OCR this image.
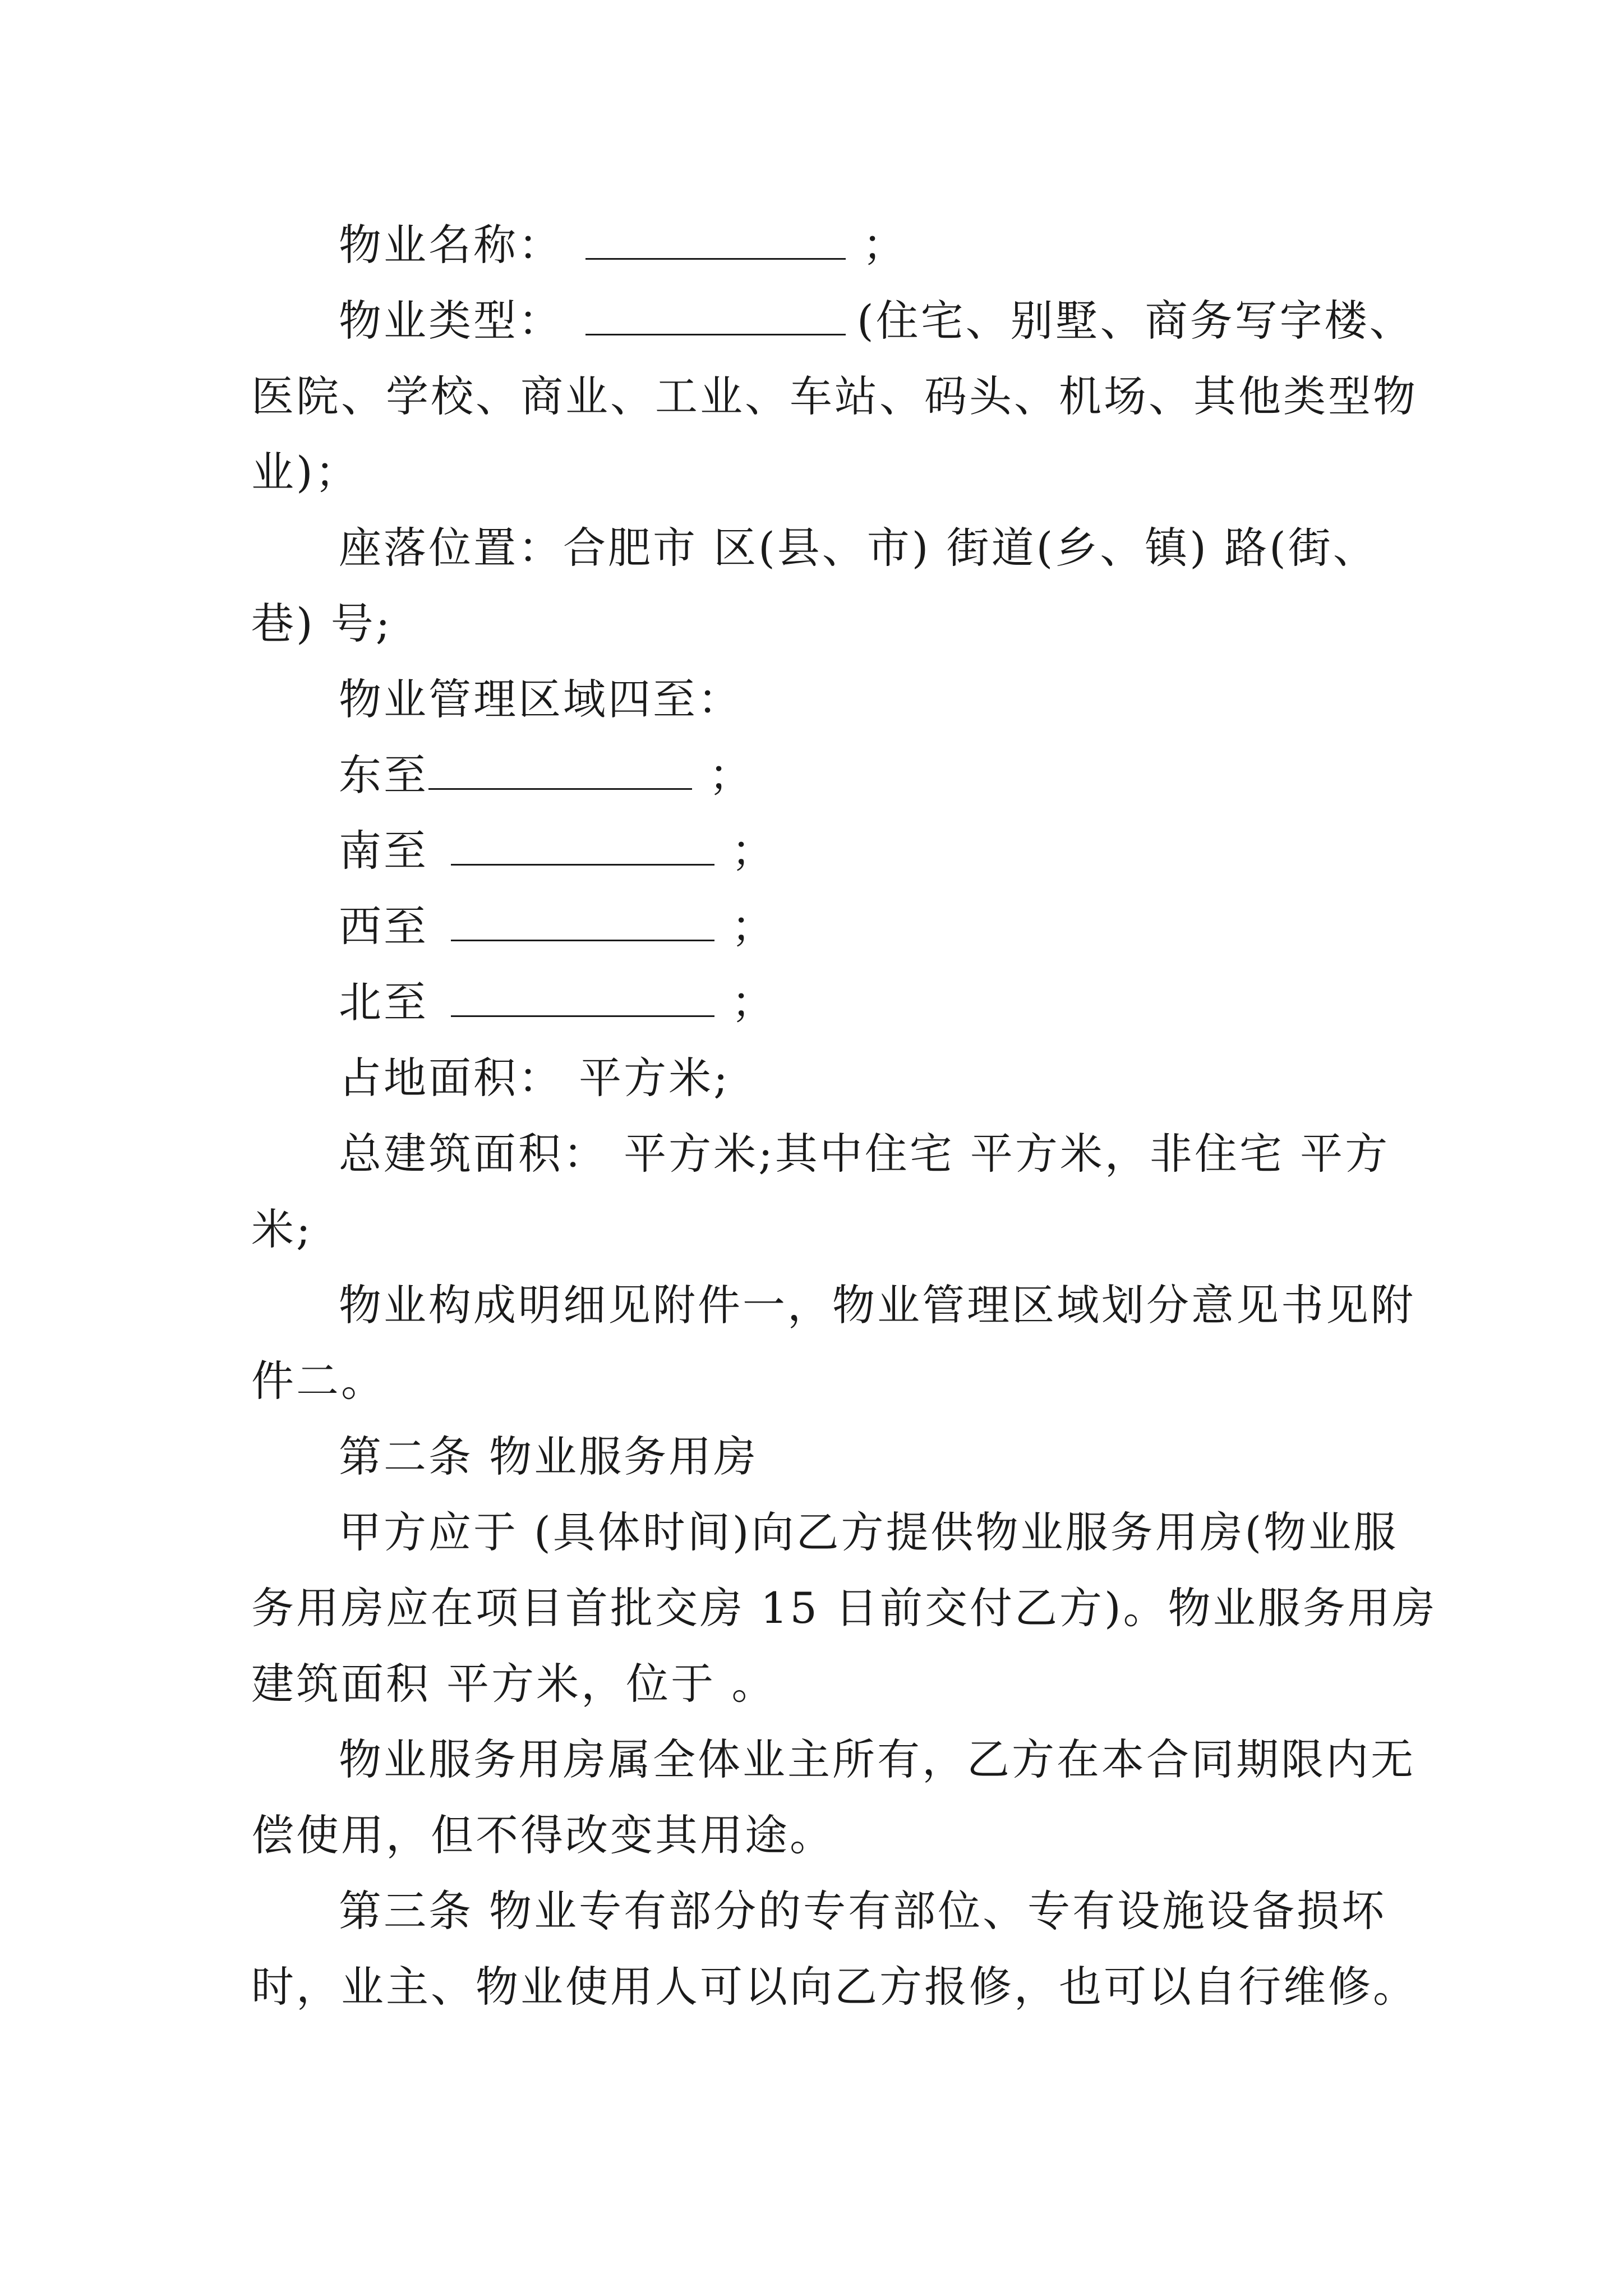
物业名称：	；
物业类型：	(住宅、别墅、商务写字楼、
医院、学校、商业、工业、车站、码头、机场、其他类型物
业)；
座落位置：合肥市 区(县、市) 街道(乡、镇) 路(街、
巷) 号;
物业管理区域四至：
东至	；
南至	；
西至	；
北至	；
占地面积： 平方米;
总建筑面积： 平方米;其中住宅 平方米，非住宅 平方
米;
物业构成明细见附件一，物业管理区域划分意见书见附
件二。
第二条 物业服务用房
甲方应于 (具体时间)向乙方提供物业服务用房(物业服
务用房应在项目首批交房 15 日前交付乙方)。物业服务用房
建筑面积 平方米，位于 。
物业服务用房属全体业主所有，乙方在本合同期限内无
偿使用，但不得改变其用途。
第三条 物业专有部分的专有部位、专有设施设备损坏
时，业主、物业使用人可以向乙方报修，也可以自行维修。
